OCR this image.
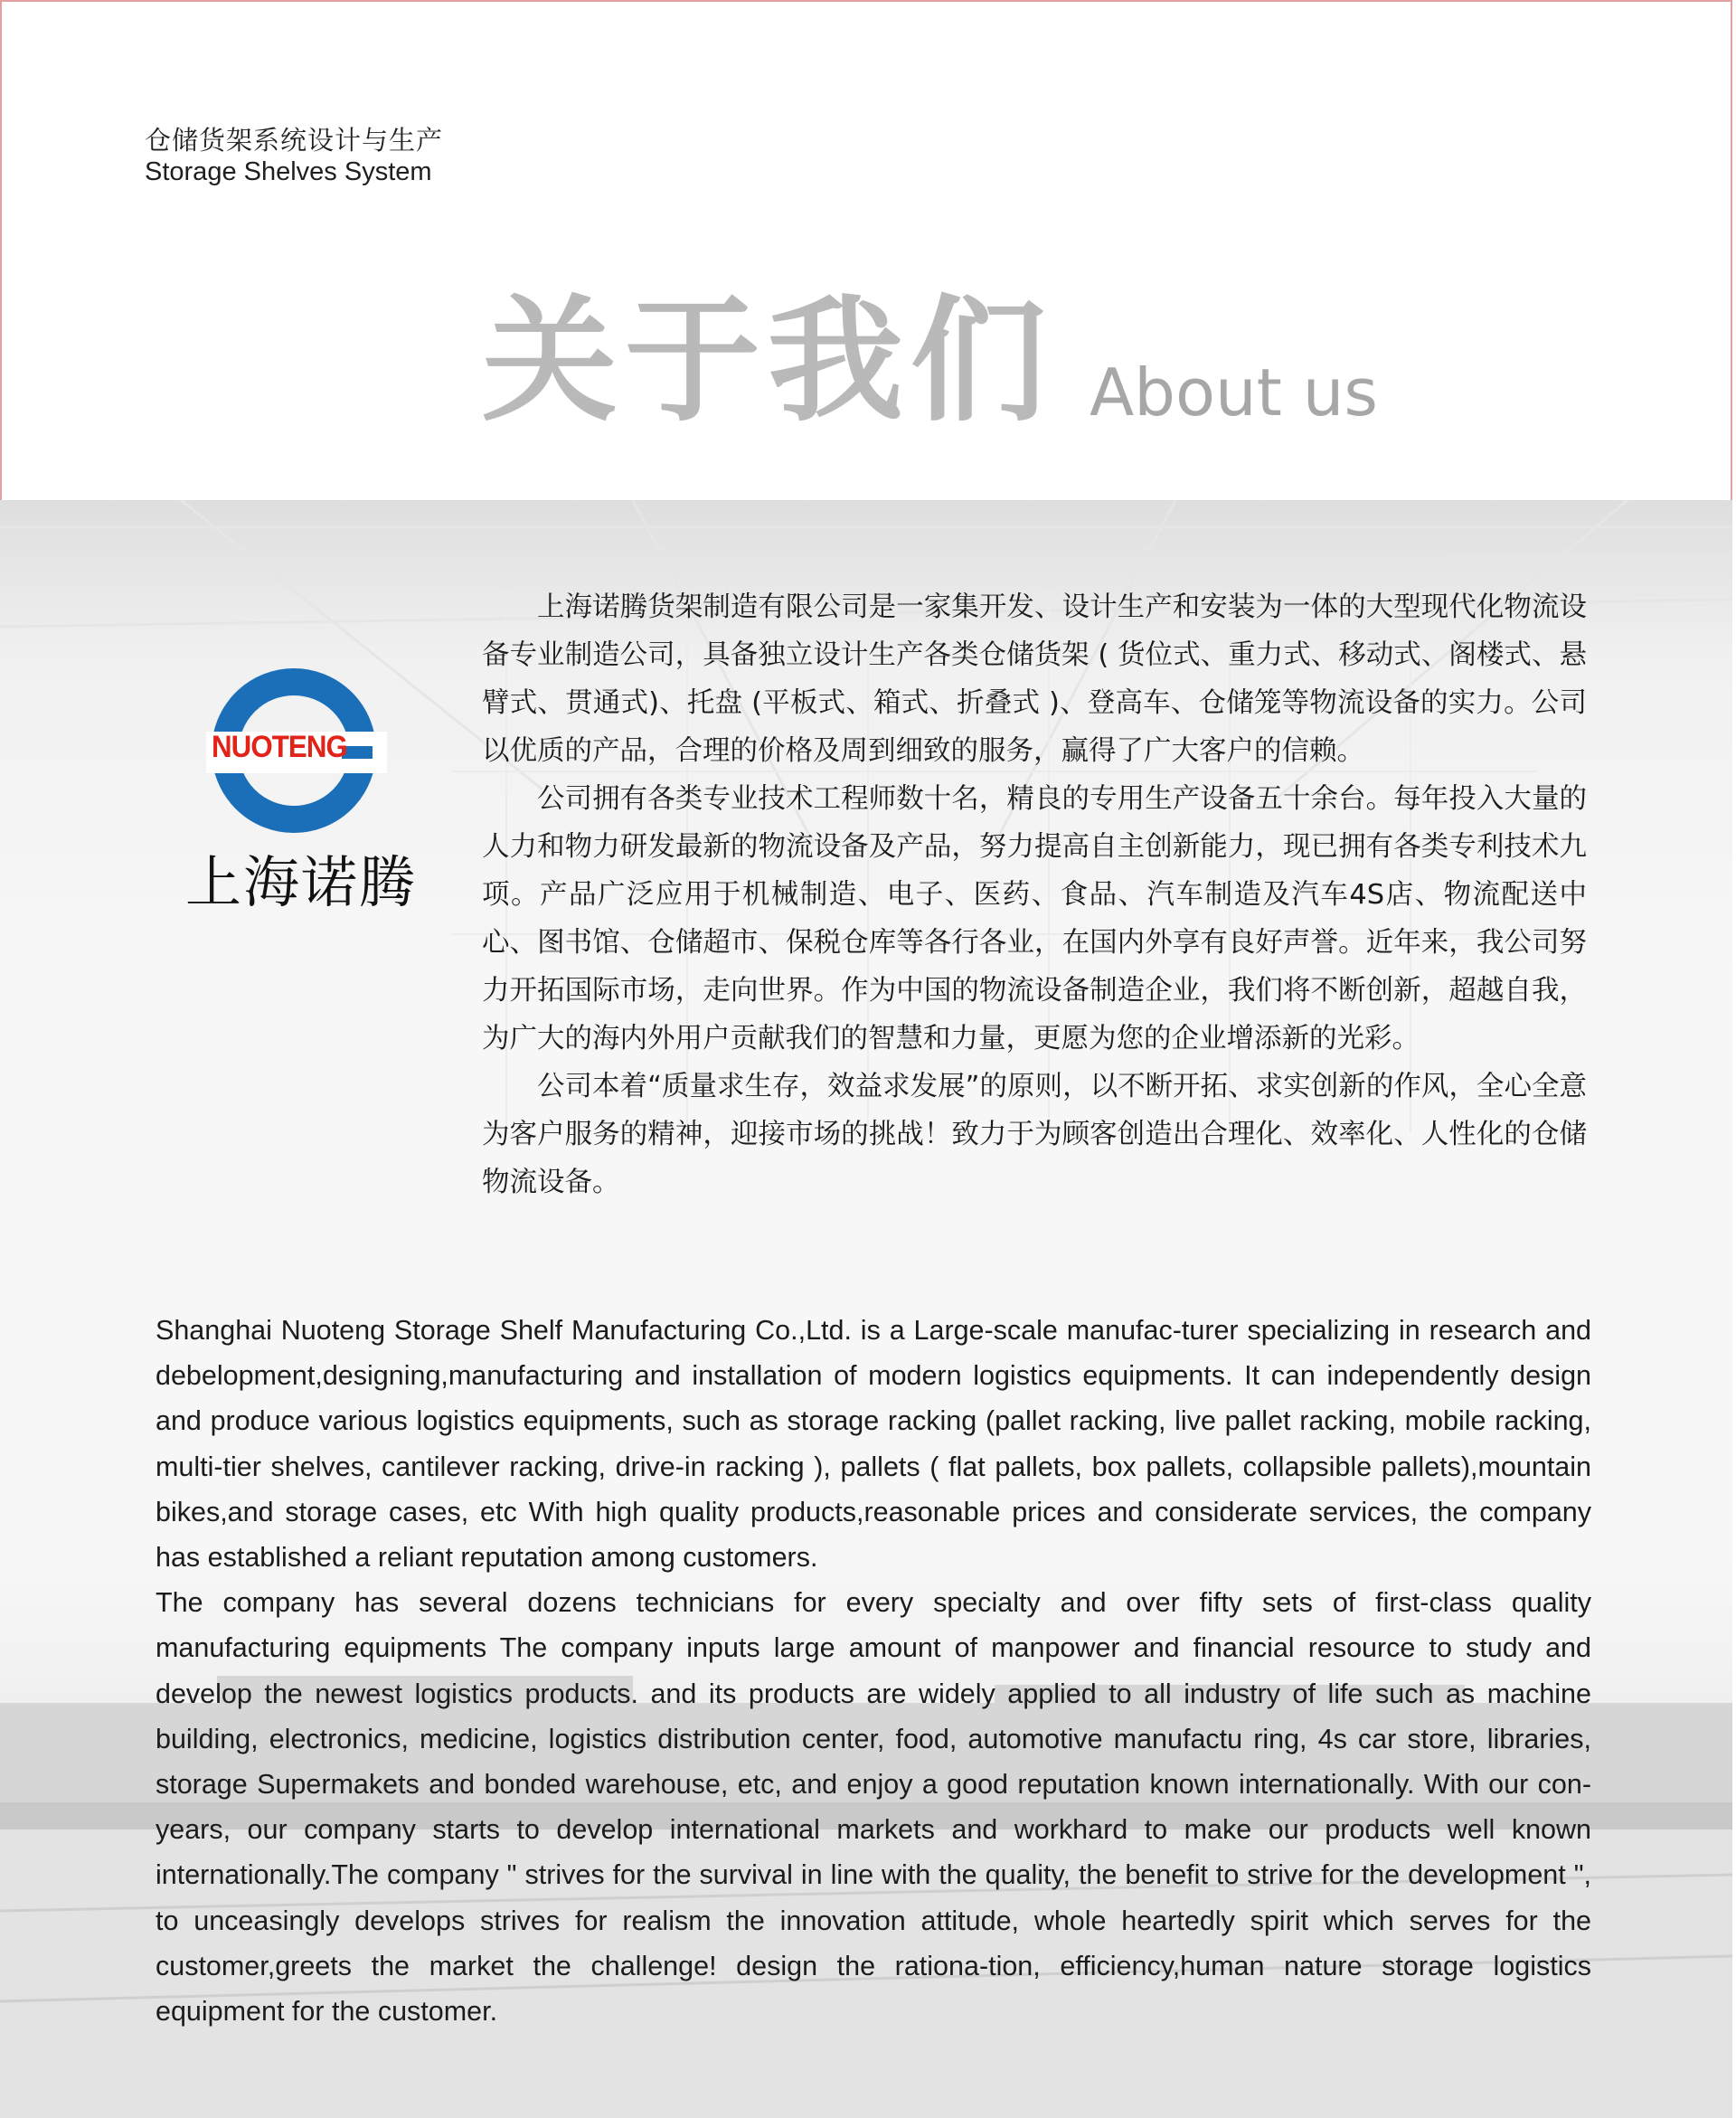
仓储货架系统设计与生产
Storage Shelves System
关于我们 About us
NUOTENG
上海诺腾

上海诺腾货架制造有限公司是一家集开发、设计生产和安装为一体的大型现代化物流设备专业制造公司，具备独立设计生产各类仓储货架 ( 货位式、重力式、移动式、阁楼式、悬臂式、贯通式)、托盘 (平板式、箱式、折叠式 )、登高车、仓储笼等物流设备的实力。公司以优质的产品，合理的价格及周到细致的服务，赢得了广大客户的信赖。

公司拥有各类专业技术工程师数十名，精良的专用生产设备五十余台。每年投入大量的人力和物力研发最新的物流设备及产品，努力提高自主创新能力，现已拥有各类专利技术九项。产品广泛应用于机械制造、电子、医药、食品、汽车制造及汽车4S店、物流配送中心、图书馆、仓储超市、保税仓库等各行各业，在国内外享有良好声誉。近年来，我公司努力开拓国际市场，走向世界。作为中国的物流设备制造企业，我们将不断创新，超越自我，为广大的海内外用户贡献我们的智慧和力量，更愿为您的企业增添新的光彩。

公司本着“质量求生存，效益求发展”的原则，以不断开拓、求实创新的作风，全心全意为客户服务的精神，迎接市场的挑战！致力于为顾客创造出合理化、效率化、人性化的仓储物流设备。

Shanghai Nuoteng Storage Shelf Manufacturing Co.,Ltd. is a Large-scale manufac-turer specializing in research and debelopment,designing,manufacturing and installation of modern logistics equipments. It can independently design and produce various logistics equipments, such as storage racking (pallet racking, live pallet racking, mobile racking, multi-tier shelves, cantilever racking, drive-in racking ), pallets ( flat pallets, box pallets, collapsible pallets),mountain bikes,and storage cases, etc With high quality products,reasonable prices and considerate services, the company has established a reliant reputation among customers.

The company has several dozens technicians for every specialty and over fifty sets of first-class quality manufacturing equipments The company inputs large amount of manpower and financial resource to study and develop the newest logistics products. and its products are widely applied to all industry of life such as machine building, electronics, medicine, logistics distribution center, food, automotive manufactu ring, 4s car store, libraries, storage Supermakets and bonded warehouse, etc, and enjoy a good reputation known internationally. With our con-years, our company starts to develop international markets and workhard to make our products well known internationally.The company " strives for the survival in line with the quality, the benefit to strive for the development ", to unceasingly develops strives for realism the innovation attitude, whole heartedly spirit which serves for the customer,greets the market the challenge! design the rationa-tion, efficiency,human nature storage logistics equipment for the customer.
